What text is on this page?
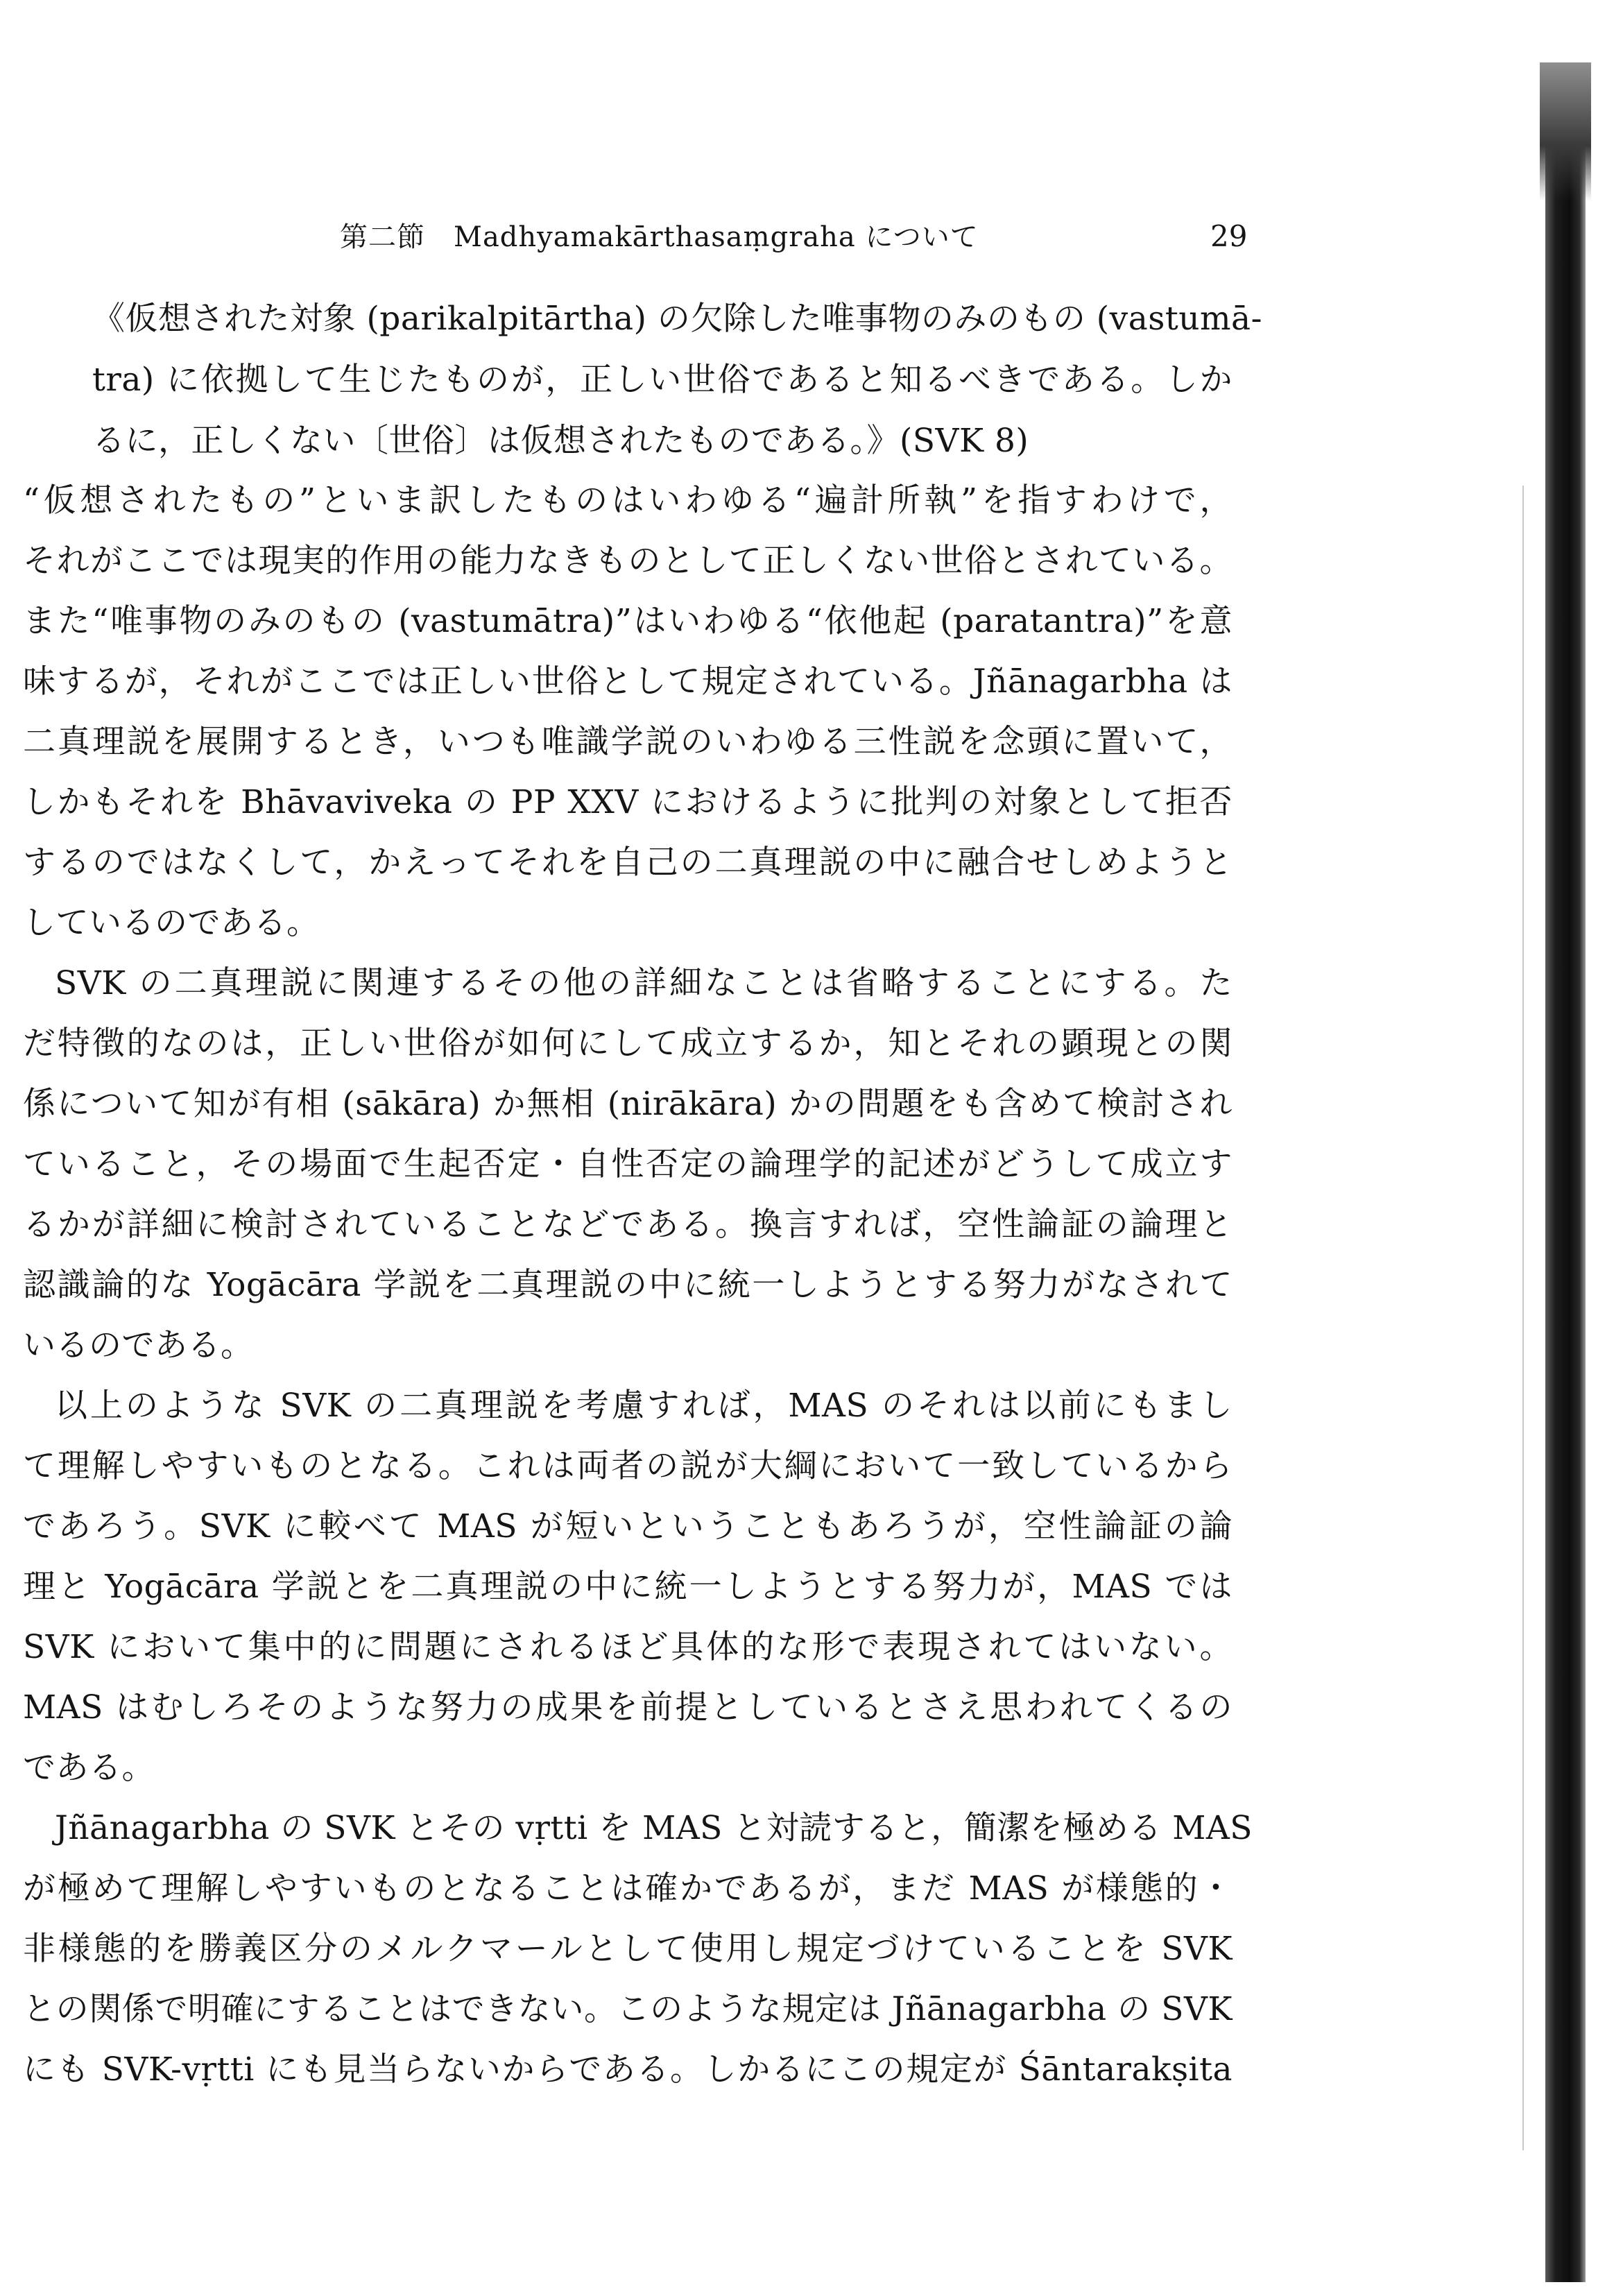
第二節　Madhyamakārthasaṃgraha について	29
《仮想された対象 (parikalpitārtha) の欠除した唯事物のみのもの (vastumā-
tra) に依拠して生じたものが，正しい世俗であると知るべきである。しか
るに，正しくない〔世俗〕は仮想されたものである。》(SVK 8)
“仮想されたもの”といま訳したものはいわゆる“遍計所執”を指すわけで，
それがここでは現実的作用の能力なきものとして正しくない世俗とされている。
また“唯事物のみのもの (vastumātra)”はいわゆる“依他起 (paratantra)”を意
味するが，それがここでは正しい世俗として規定されている。Jñānagarbha は
二真理説を展開するとき，いつも唯識学説のいわゆる三性説を念頭に置いて，
しかもそれを Bhāvaviveka の PP XXV におけるように批判の対象として拒否
するのではなくして，かえってそれを自己の二真理説の中に融合せしめようと
しているのである。
SVK の二真理説に関連するその他の詳細なことは省略することにする。た
だ特徴的なのは，正しい世俗が如何にして成立するか，知とそれの顕現との関
係について知が有相 (sākāra) か無相 (nirākāra) かの問題をも含めて検討され
ていること，その場面で生起否定・自性否定の論理学的記述がどうして成立す
るかが詳細に検討されていることなどである。換言すれば，空性論証の論理と
認識論的な Yogācāra 学説を二真理説の中に統一しようとする努力がなされて
いるのである。
以上のような SVK の二真理説を考慮すれば，MAS のそれは以前にもまし
て理解しやすいものとなる。これは両者の説が大綱において一致しているから
であろう。SVK に較べて MAS が短いということもあろうが，空性論証の論
理と Yogācāra 学説とを二真理説の中に統一しようとする努力が，MAS では
SVK において集中的に問題にされるほど具体的な形で表現されてはいない。
MAS はむしろそのような努力の成果を前提としているとさえ思われてくるの
である。
Jñānagarbha の SVK とその vṛtti を MAS と対読すると，簡潔を極める MAS
が極めて理解しやすいものとなることは確かであるが，まだ MAS が様態的・
非様態的を勝義区分のメルクマールとして使用し規定づけていることを SVK
との関係で明確にすることはできない。このような規定は Jñānagarbha の SVK
にも SVK-vṛtti にも見当らないからである。しかるにこの規定が Śāntarakṣita
